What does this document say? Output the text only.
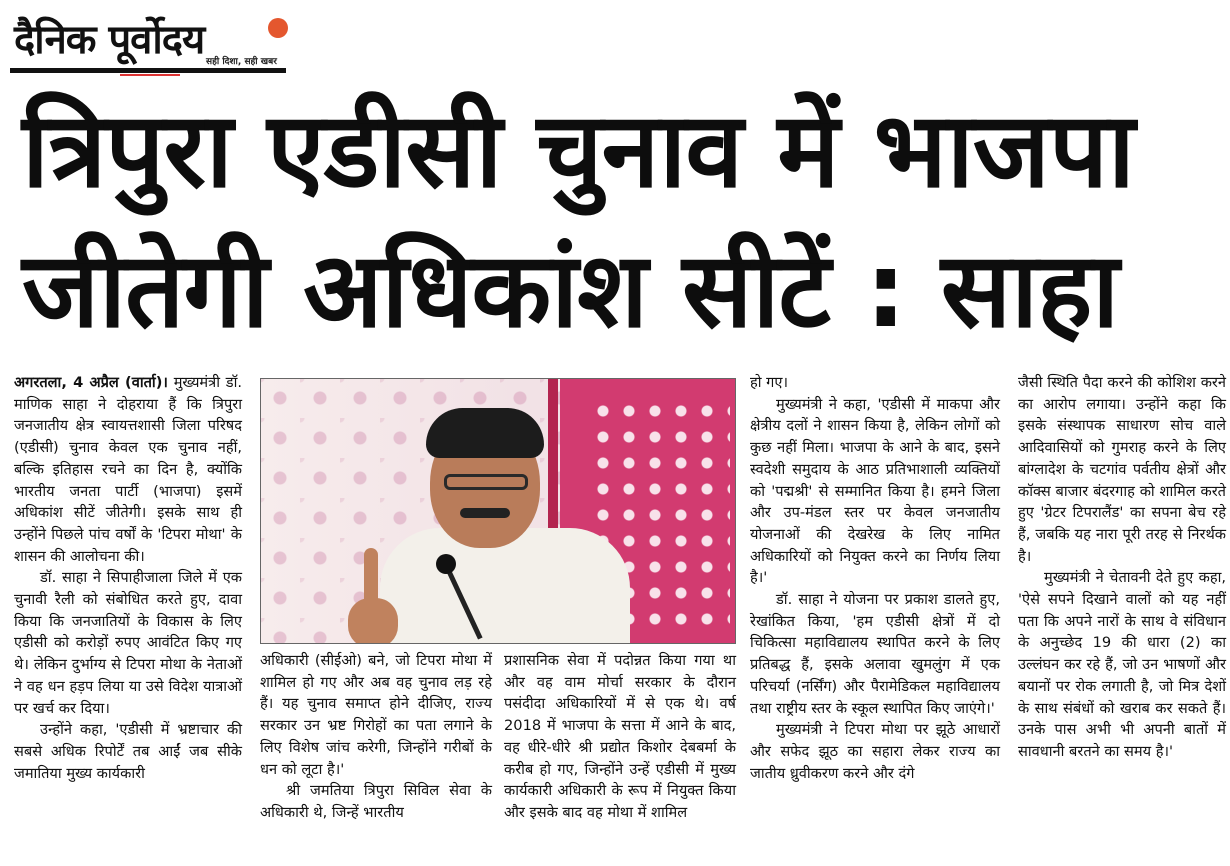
दैनिक पूर्वोदय सही दिशा, सही खबर
त्रिपुरा एडीसी चुनाव में भाजपा
जीतेगी अधिकांश सीटें : साहा

अगरतला, 4 अप्रैल (वार्ता)। मुख्यमंत्री डॉ. माणिक साहा ने दोहराया हैं कि त्रिपुरा जनजातीय क्षेत्र स्वायत्तशासी जिला परिषद (एडीसी) चुनाव केवल एक चुनाव नहीं, बल्कि इतिहास रचने का दिन है, क्योंकि भारतीय जनता पार्टी (भाजपा) इसमें अधिकांश सीटें जीतेगी। इसके साथ ही उन्होंने पिछले पांच वर्षों के 'टिपरा मोथा' के शासन की आलोचना की।

डॉ. साहा ने सिपाहीजाला जिले में एक चुनावी रैली को संबोधित करते हुए, दावा किया कि जनजातियों के विकास के लिए एडीसी को करोड़ों रुपए आवंटित किए गए थे। लेकिन दुर्भाग्य से टिपरा मोथा के नेताओं ने वह धन हड़प लिया या उसे विदेश यात्राओं पर खर्च कर दिया।

उन्होंने कहा, 'एडीसी में भ्रष्टाचार की सबसे अधिक रिपोर्टें तब आईं जब सीके जमातिया मुख्य कार्यकारी

अधिकारी (सीईओ) बने, जो टिपरा मोथा में शामिल हो गए और अब वह चुनाव लड़ रहे हैं। यह चुनाव समाप्त होने दीजिए, राज्य सरकार उन भ्रष्ट गिरोहों का पता लगाने के लिए विशेष जांच करेगी, जिन्होंने गरीबों के धन को लूटा है।'

श्री जमतिया त्रिपुरा सिविल सेवा के अधिकारी थे, जिन्हें भारतीय

प्रशासनिक सेवा में पदोन्नत किया गया था और वह वाम मोर्चा सरकार के दौरान पसंदीदा अधिकारियों में से एक थे। वर्ष 2018 में भाजपा के सत्ता में आने के बाद, वह धीरे-धीरे श्री प्रद्योत किशोर देबबर्मा के करीब हो गए, जिन्होंने उन्हें एडीसी में मुख्य कार्यकारी अधिकारी के रूप में नियुक्त किया और इसके बाद वह मोथा में शामिल

हो गए।

मुख्यमंत्री ने कहा, 'एडीसी में माकपा और क्षेत्रीय दलों ने शासन किया है, लेकिन लोगों को कुछ नहीं मिला। भाजपा के आने के बाद, इसने स्वदेशी समुदाय के आठ प्रतिभाशाली व्यक्तियों को 'पद्मश्री' से सम्मानित किया है। हमने जिला और उप-मंडल स्तर पर केवल जनजातीय योजनाओं की देखरेख के लिए नामित अधिकारियों को नियुक्त करने का निर्णय लिया है।'

डॉ. साहा ने योजना पर प्रकाश डालते हुए, रेखांकित किया, 'हम एडीसी क्षेत्रों में दो चिकित्सा महाविद्यालय स्थापित करने के लिए प्रतिबद्ध हैं, इसके अलावा खुमलुंग में एक परिचर्या (नर्सिंग) और पैरामेडिकल महाविद्यालय तथा राष्ट्रीय स्तर के स्कूल स्थापित किए जाएंगे।'

मुख्यमंत्री ने टिपरा मोथा पर झूठे आधारों और सफेद झूठ का सहारा लेकर राज्य का जातीय ध्रुवीकरण करने और दंगे

जैसी स्थिति पैदा करने की कोशिश करने का आरोप लगाया। उन्होंने कहा कि इसके संस्थापक साधारण सोच वाले आदिवासियों को गुमराह करने के लिए बांग्लादेश के चटगांव पर्वतीय क्षेत्रों और कॉक्स बाजार बंदरगाह को शामिल करते हुए 'ग्रेटर टिपरालैंड' का सपना बेच रहे हैं, जबकि यह नारा पूरी तरह से निरर्थक है।

मुख्यमंत्री ने चेतावनी देते हुए कहा, 'ऐसे सपने दिखाने वालों को यह नहीं पता कि अपने नारों के साथ वे संविधान के अनुच्छेद 19 की धारा (2) का उल्लंघन कर रहे हैं, जो उन भाषणों और बयानों पर रोक लगाती है, जो मित्र देशों के साथ संबंधों को खराब कर सकते हैं। उनके पास अभी भी अपनी बातों में सावधानी बरतने का समय है।'
